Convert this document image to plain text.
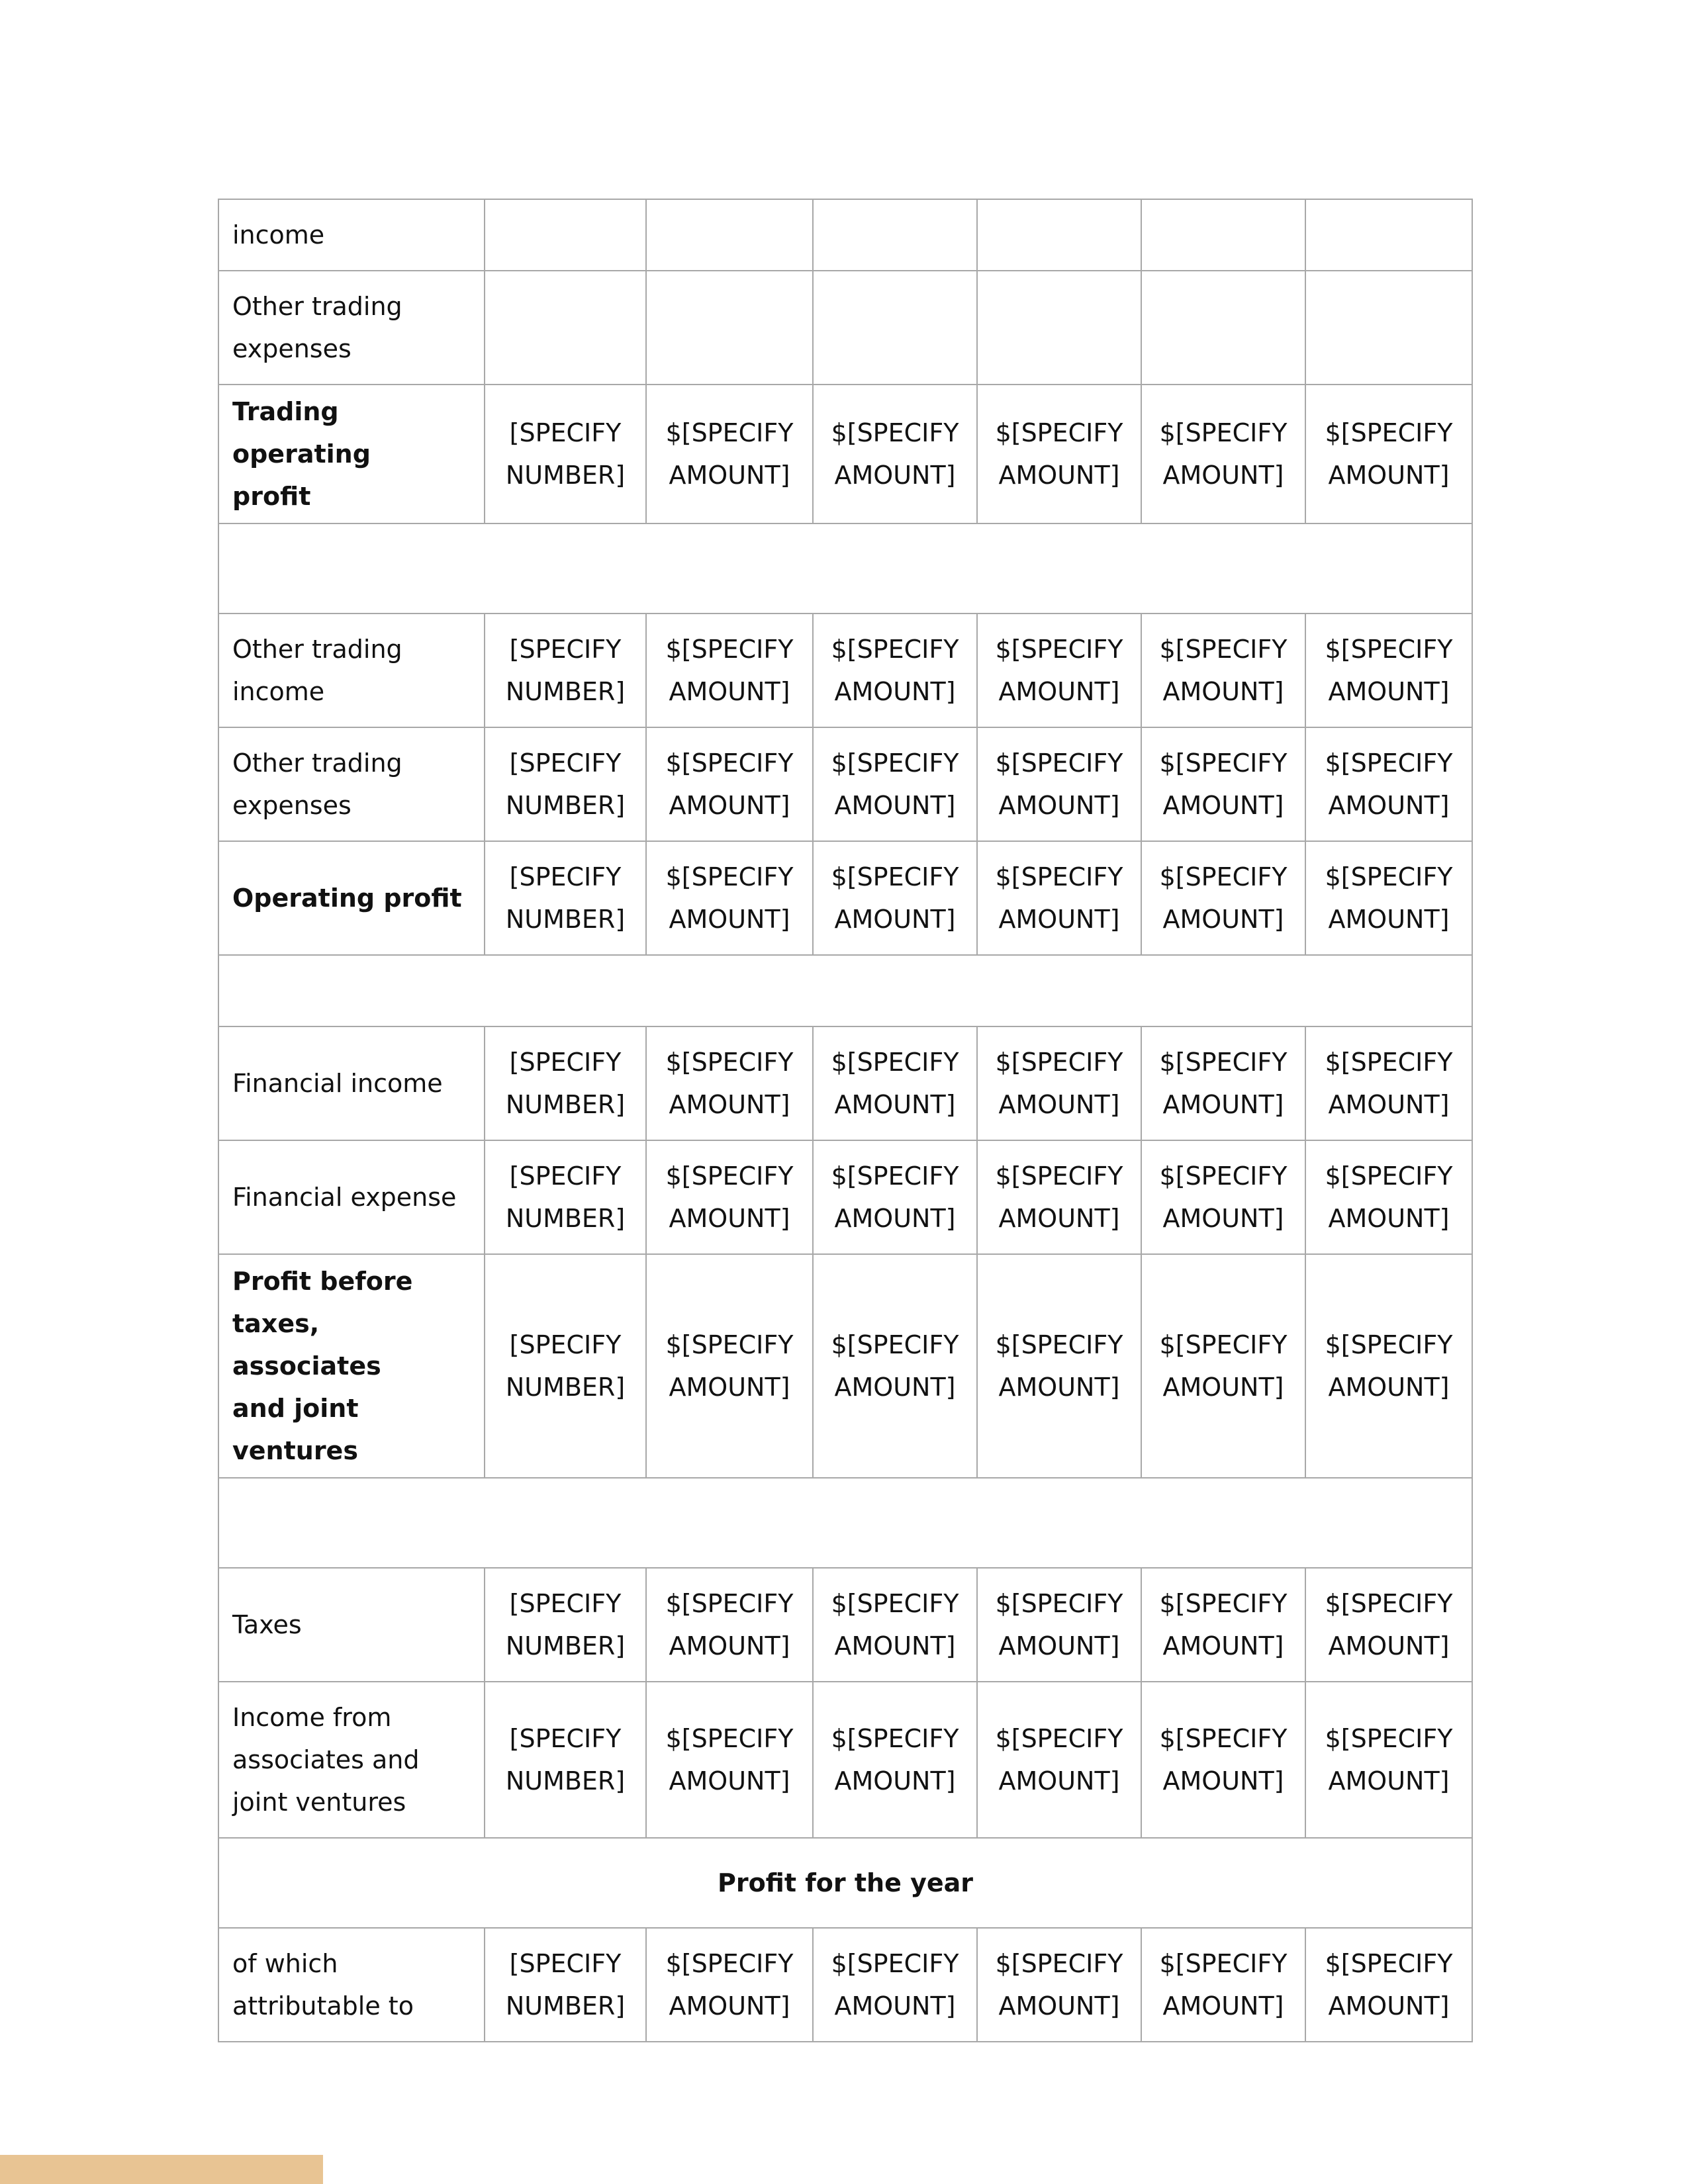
income						

Other trading
expenses						

Trading operating
profit	[SPECIFY
NUMBER]	$[SPECIFY
AMOUNT]	$[SPECIFY
AMOUNT]	$[SPECIFY
AMOUNT]	$[SPECIFY
AMOUNT]	$[SPECIFY
AMOUNT]

Other trading
income	[SPECIFY
NUMBER]	$[SPECIFY
AMOUNT]	$[SPECIFY
AMOUNT]	$[SPECIFY
AMOUNT]	$[SPECIFY
AMOUNT]	$[SPECIFY
AMOUNT]

Other trading
expenses	[SPECIFY
NUMBER]	$[SPECIFY
AMOUNT]	$[SPECIFY
AMOUNT]	$[SPECIFY
AMOUNT]	$[SPECIFY
AMOUNT]	$[SPECIFY
AMOUNT]

Operating profit	[SPECIFY
NUMBER]	$[SPECIFY
AMOUNT]	$[SPECIFY
AMOUNT]	$[SPECIFY
AMOUNT]	$[SPECIFY
AMOUNT]	$[SPECIFY
AMOUNT]

Financial income	[SPECIFY
NUMBER]	$[SPECIFY
AMOUNT]	$[SPECIFY
AMOUNT]	$[SPECIFY
AMOUNT]	$[SPECIFY
AMOUNT]	$[SPECIFY
AMOUNT]

Financial expense	[SPECIFY
NUMBER]	$[SPECIFY
AMOUNT]	$[SPECIFY
AMOUNT]	$[SPECIFY
AMOUNT]	$[SPECIFY
AMOUNT]	$[SPECIFY
AMOUNT]

Profit before
taxes, associates
and joint ventures	[SPECIFY
NUMBER]	$[SPECIFY
AMOUNT]	$[SPECIFY
AMOUNT]	$[SPECIFY
AMOUNT]	$[SPECIFY
AMOUNT]	$[SPECIFY
AMOUNT]

Taxes	[SPECIFY
NUMBER]	$[SPECIFY
AMOUNT]	$[SPECIFY
AMOUNT]	$[SPECIFY
AMOUNT]	$[SPECIFY
AMOUNT]	$[SPECIFY
AMOUNT]

Income from
associates and
joint ventures	[SPECIFY
NUMBER]	$[SPECIFY
AMOUNT]	$[SPECIFY
AMOUNT]	$[SPECIFY
AMOUNT]	$[SPECIFY
AMOUNT]	$[SPECIFY
AMOUNT]

Profit for the year						

of which
attributable to	[SPECIFY
NUMBER]	$[SPECIFY
AMOUNT]	$[SPECIFY
AMOUNT]	$[SPECIFY
AMOUNT]	$[SPECIFY
AMOUNT]	$[SPECIFY
AMOUNT]
